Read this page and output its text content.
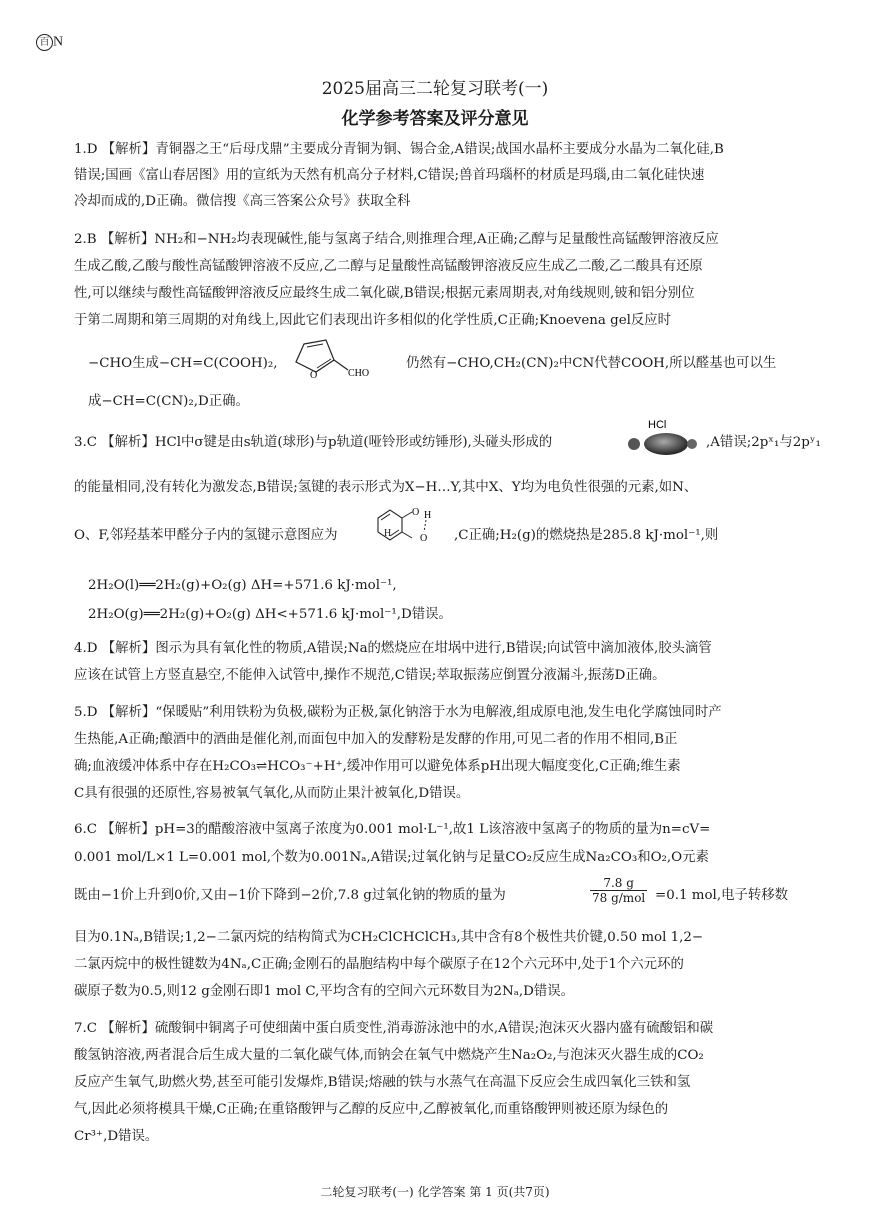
百 N
2025届高三二轮复习联考(一)
化学参考答案及评分意见
1.D 【解析】青铜器之王“后母戊鼎”主要成分青铜为铜、锡合金,A错误;战国水晶杯主要成分水晶为二氧化硅,B
错误;国画《富山春居图》用的宣纸为天然有机高分子材料,C错误;兽首玛瑙杯的材质是玛瑙,由二氧化硅快速
冷却而成的,D正确。微信搜《高三答案公众号》获取全科
2.B 【解析】NH₂和−NH₂均表现碱性,能与氢离子结合,则推理合理,A正确;乙醇与足量酸性高锰酸钾溶液反应
生成乙酸,乙酸与酸性高锰酸钾溶液不反应,乙二醇与足量酸性高锰酸钾溶液反应生成乙二酸,乙二酸具有还原
性,可以继续与酸性高锰酸钾溶液反应最终生成二氧化碳,B错误;根据元素周期表,对角线规则,铍和铝分别位
于第二周期和第三周期的对角线上,因此它们表现出许多相似的化学性质,C正确;Knoevena gel反应时
−CHO生成−CH=C(COOH)₂,
O	CHO
仍然有−CHO,CH₂(CN)₂中CN代替COOH,所以醛基也可以生
成−CH=C(CN)₂,D正确。
3.C 【解析】HCl中σ键是由s轨道(球形)与p轨道(哑铃形或纺锤形),头碰头形成的
HCl
,A错误;2pˣ₁与2pʸ₁
的能量相同,没有转化为激发态,B错误;氢键的表示形式为X−H…Y,其中X、Y均为电负性很强的元素,如N、
O、F,邻羟基苯甲醛分子内的氢键示意图应为
O H
O
H	,C正确;H₂(g)的燃烧热是285.8 kJ·mol⁻¹,则
2H₂O(l)══2H₂(g)+O₂(g) ΔH=+571.6 kJ·mol⁻¹,
2H₂O(g)══2H₂(g)+O₂(g) ΔH<+571.6 kJ·mol⁻¹,D错误。
4.D 【解析】图示为具有氧化性的物质,A错误;Na的燃烧应在坩埚中进行,B错误;向试管中滴加液体,胶头滴管
应该在试管上方竖直悬空,不能伸入试管中,操作不规范,C错误;萃取振荡应倒置分液漏斗,振荡D正确。
5.D 【解析】“保暖贴”利用铁粉为负极,碳粉为正极,氯化钠溶于水为电解液,组成原电池,发生电化学腐蚀同时产
生热能,A正确;酿酒中的酒曲是催化剂,而面包中加入的发酵粉是发酵的作用,可见二者的作用不相同,B正
确;血液缓冲体系中存在H₂CO₃⇌HCO₃⁻+H⁺,缓冲作用可以避免体系pH出现大幅度变化,C正确;维生素
C具有很强的还原性,容易被氧气氧化,从而防止果汁被氧化,D错误。
6.C 【解析】pH=3的醋酸溶液中氢离子浓度为0.001 mol·L⁻¹,故1 L该溶液中氢离子的物质的量为n=cV=
0.001 mol/L×1 L=0.001 mol,个数为0.001Nₐ,A错误;过氧化钠与足量CO₂反应生成Na₂CO₃和O₂,O元素
既由−1价上升到0价,又由−1价下降到−2价,7.8 g过氧化钠的物质的量为
7.8 g
78 g/mol =0.1 mol,电子转移数
目为0.1Nₐ,B错误;1,2−二氯丙烷的结构简式为CH₂ClCHClCH₃,其中含有8个极性共价键,0.50 mol 1,2−
二氯丙烷中的极性键数为4Nₐ,C正确;金刚石的晶胞结构中每个碳原子在12个六元环中,处于1个六元环的
碳原子数为0.5,则12 g金刚石即1 mol C,平均含有的空间六元环数目为2Nₐ,D错误。
7.C 【解析】硫酸铜中铜离子可使细菌中蛋白质变性,消毒游泳池中的水,A错误;泡沫灭火器内盛有硫酸铝和碳
酸氢钠溶液,两者混合后生成大量的二氧化碳气体,而钠会在氧气中燃烧产生Na₂O₂,与泡沫灭火器生成的CO₂
反应产生氧气,助燃火势,甚至可能引发爆炸,B错误;熔融的铁与水蒸气在高温下反应会生成四氧化三铁和氢
气,因此必须将模具干燥,C正确;在重铬酸钾与乙醇的反应中,乙醇被氧化,而重铬酸钾则被还原为绿色的
Cr³⁺,D错误。
二轮复习联考(一) 化学答案 第 1 页(共7页)
